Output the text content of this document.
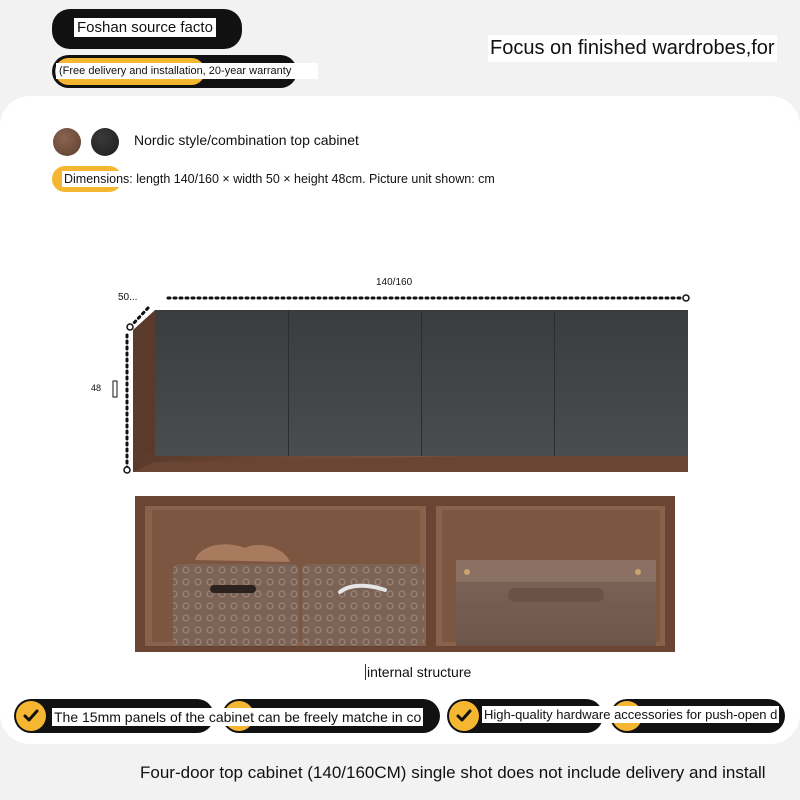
Foshan source facto
(Free delivery and installation, 20-year warranty
Focus on finished wardrobes,for
Nordic style/combination top cabinet
Dimensions: length 140/160 × width 50 × height 48cm. Picture unit shown: cm
140/160
50...
48
internal structure
The 15mm panels of the cabinet can be freely matche in co	High-quality hardware accessories for push-open d
Four-door top cabinet (140/160CM) single shot does not include delivery and install
